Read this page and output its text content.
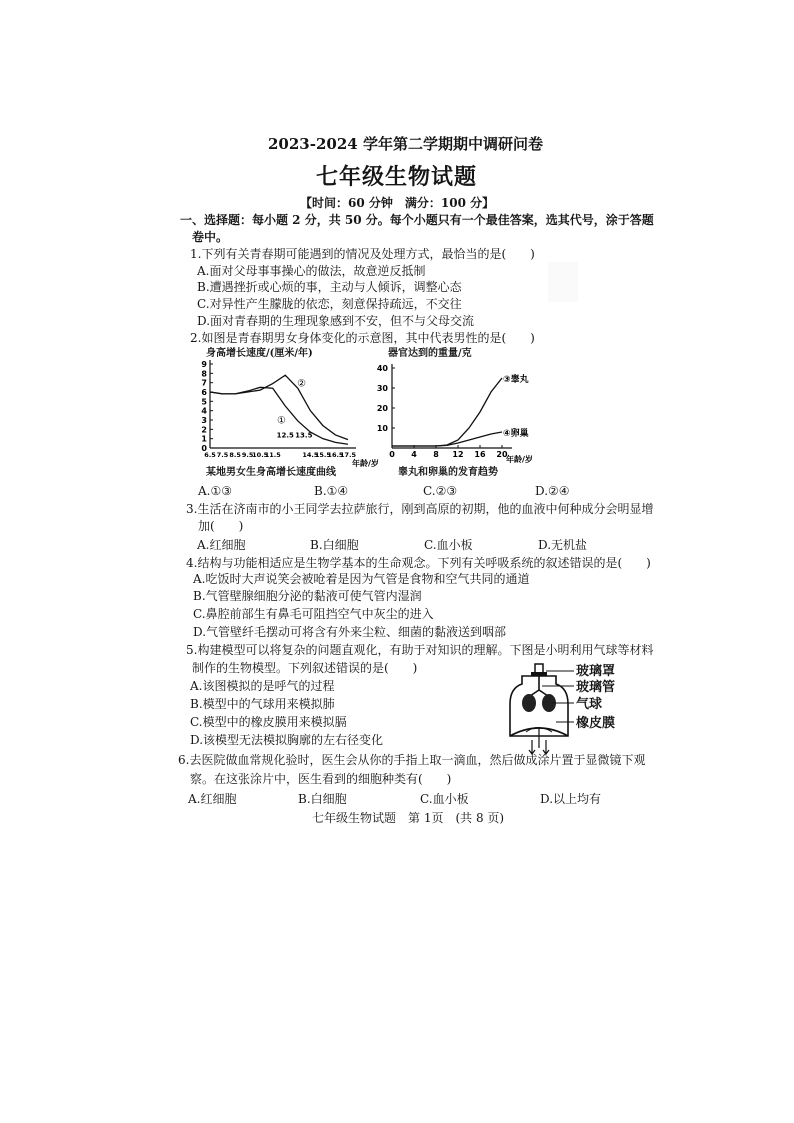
2023-2024 学年第二学期期中调研问卷
七年级生物试题
【时间：60 分钟　满分：100 分】
一、选择题：每小题 2 分，共 50 分。每个小题只有一个最佳答案，选其代号，涂于答题
卷中。
1.下列有关青春期可能遇到的情况及处理方式，最恰当的是(　　)
A.面对父母事事操心的做法，故意逆反抵制
B.遭遇挫折或心烦的事，主动与人倾诉，调整心态
C.对异性产生朦胧的依恋，刻意保持疏远，不交往
D.面对青春期的生理现象感到不安，但不与父母交流
2.如图是青春期男女身体变化的示意图，其中代表男性的是(　　)
身高增长速度/(厘米/年)
0
1
2
3
4
5
6
7
8
9
6.5 7.5 8.5 9.5
10.5
11.5	14.5
15.5
16.5
17.5
12.5 13.5
年龄/岁
①
②
某地男女生身高增长速度曲线
器官达到的重量/克
10
20
30
40
0 4 8 12 16 20
年龄/岁
③睾丸
④卵巢
睾丸和卵巢的发育趋势
A.①③	B.①④	C.②③	D.②④
3.生活在济南市的小王同学去拉萨旅行，刚到高原的初期，他的血液中何种成分会明显增
加(　　)
A.红细胞	B.白细胞	C.血小板	D.无机盐
4.结构与功能相适应是生物学基本的生命观念。下列有关呼吸系统的叙述错误的是(　　)
A.吃饭时大声说笑会被呛着是因为气管是食物和空气共同的通道
B.气管壁腺细胞分泌的黏液可使气管内湿润
C.鼻腔前部生有鼻毛可阻挡空气中灰尘的进入
D.气管壁纤毛摆动可将含有外来尘粒、细菌的黏液送到咽部
5.构建模型可以将复杂的问题直观化，有助于对知识的理解。下图是小明利用气球等材料
制作的生物模型。下列叙述错误的是(　　)
A.该图模拟的是呼气的过程
B.模型中的气球用来模拟肺
C.模型中的橡皮膜用来模拟膈
D.该模型无法模拟胸廓的左右径变化
玻璃罩
玻璃管
气球
橡皮膜
6.去医院做血常规化验时，医生会从你的手指上取一滴血，然后做成涂片置于显微镜下观
察。在这张涂片中，医生看到的细胞种类有(　　)
A.红细胞	B.白细胞	C.血小板	D.以上均有
七年级生物试题　第 1页　(共 8 页)
